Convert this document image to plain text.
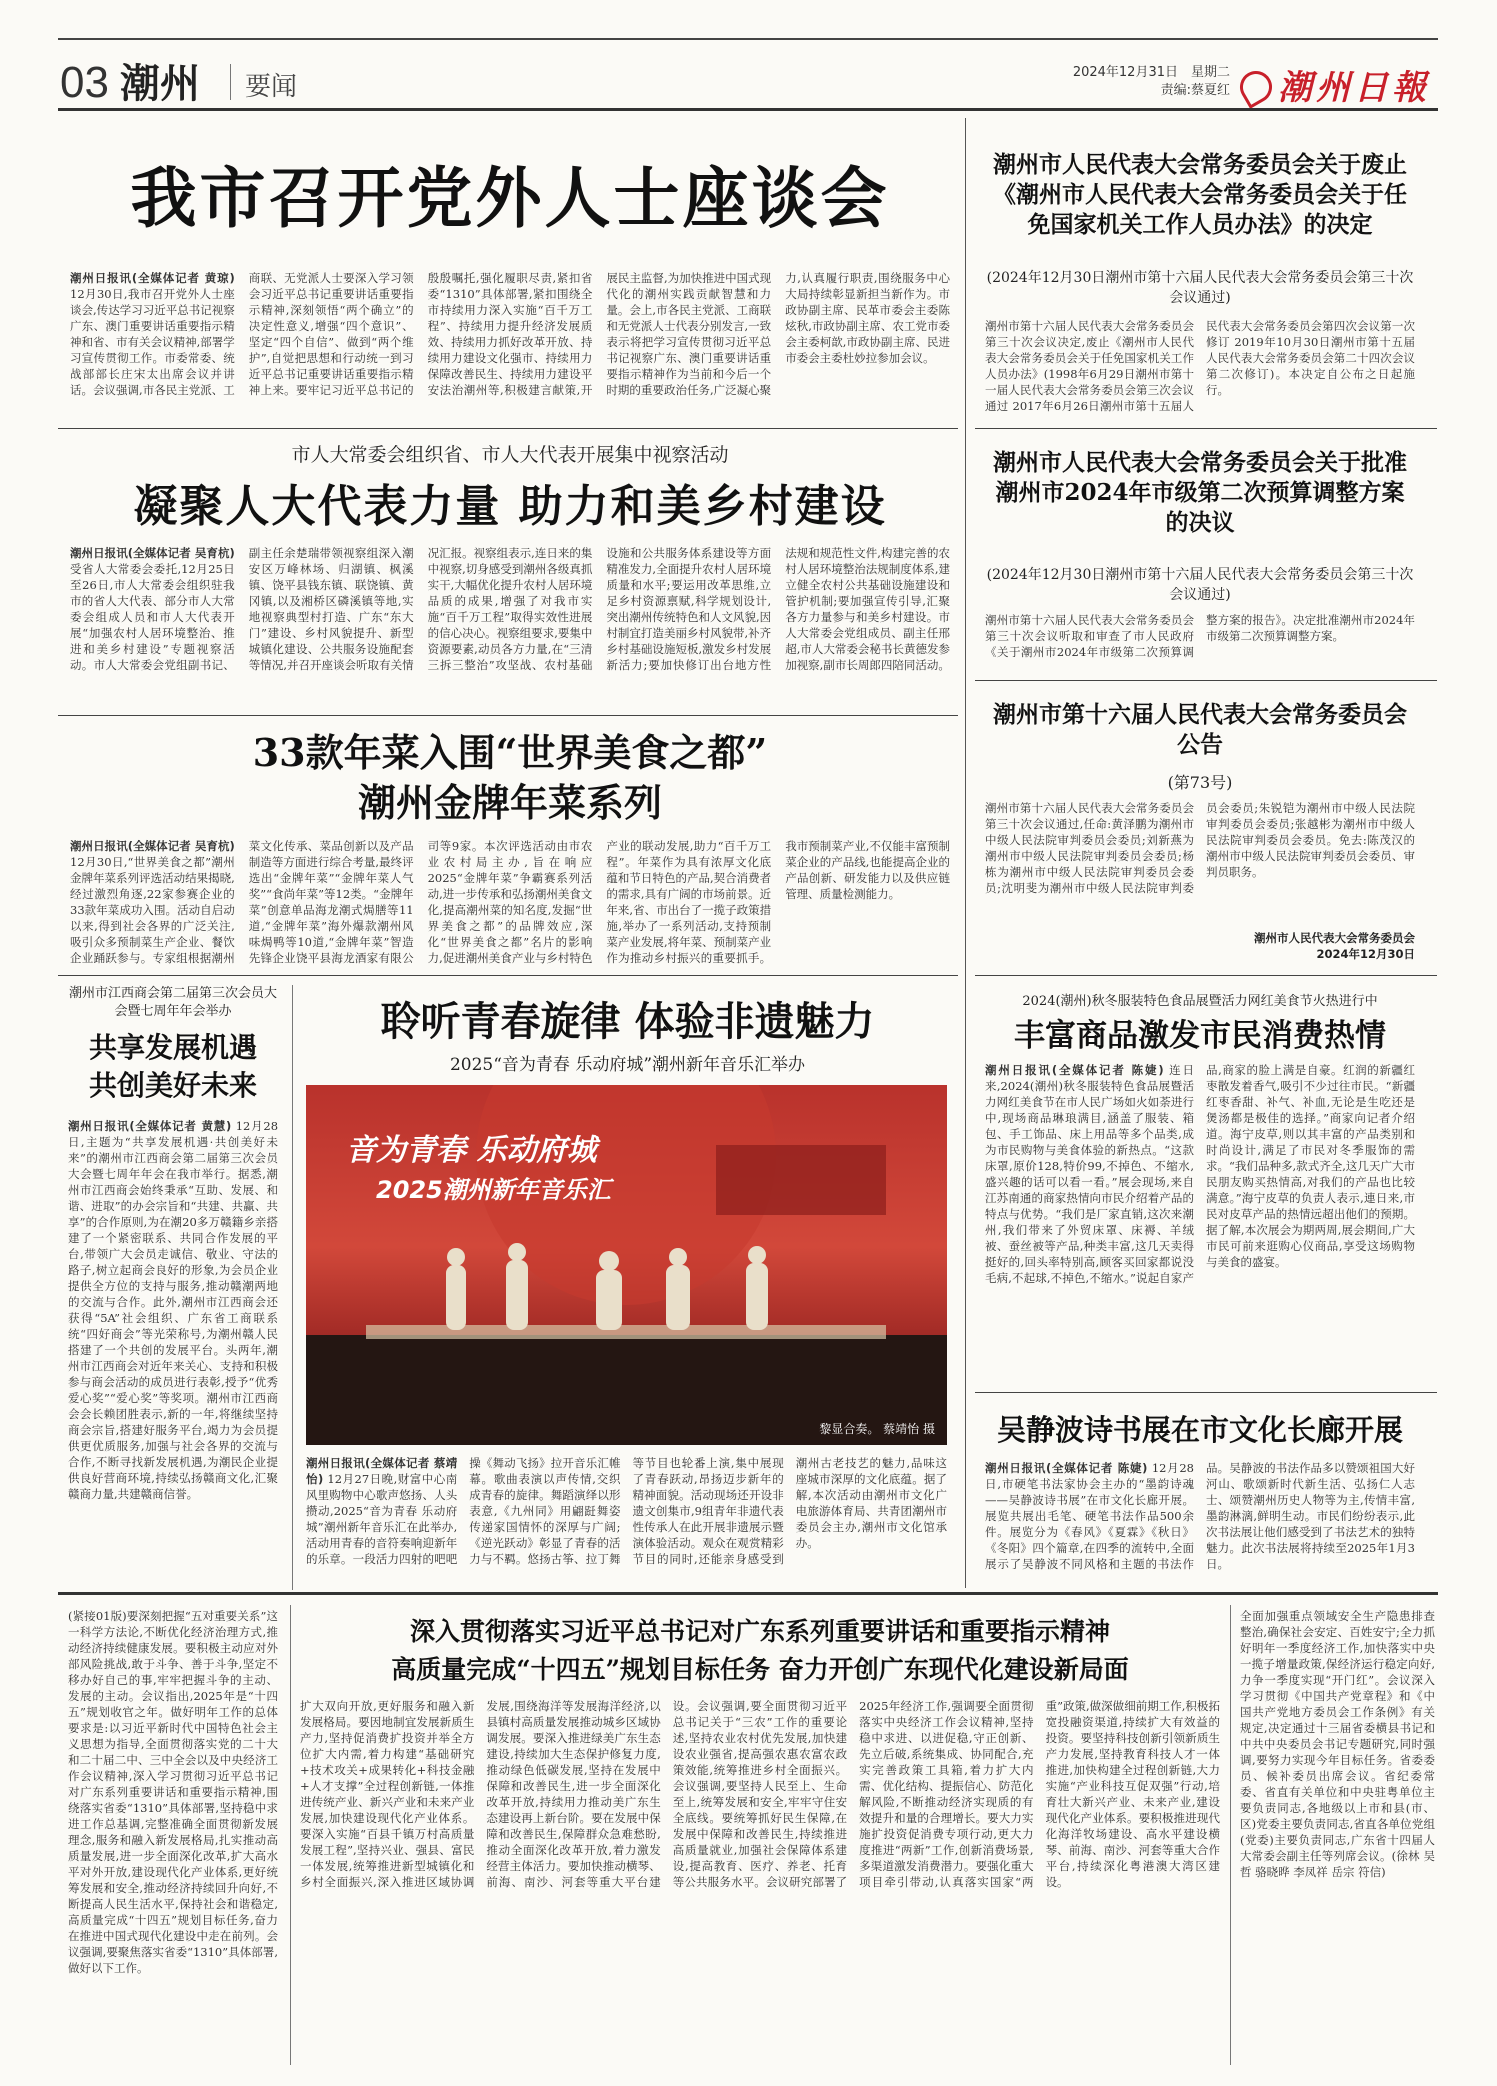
03 潮州 要闻	2024年12月31日　星期二
责编:蔡夏红	潮州日報
我市召开党外人士座谈会
潮州日报讯(全媒体记者 黄琼) 12月30日,我市召开党外人士座谈会,传达学习习近平总书记视察广东、澳门重要讲话重要指示精神和省、市有关会议精神,部署学习宣传贯彻工作。市委常委、统战部部长庄宋太出席会议并讲话。会议强调,市各民主党派、工商联、无党派人士要深入学习领会习近平总书记重要讲话重要指示精神,深刻领悟“两个确立”的决定性意义,增强“四个意识”、坚定“四个自信”、做到“两个维护”,自觉把思想和行动统一到习近平总书记重要讲话重要指示精神上来。要牢记习近平总书记的殷殷嘱托,强化履职尽责,紧扣省委“1310”具体部署,紧扣围绕全市持续用力深入实施“百千万工程”、持续用力提升经济发展质效、持续用力抓好改革开放、持续用力建设文化强市、持续用力保障改善民生、持续用力建设平安法治潮州等,积极建言献策,开展民主监督,为加快推进中国式现代化的潮州实践贡献智慧和力量。会上,市各民主党派、工商联和无党派人士代表分别发言,一致表示将把学习宣传贯彻习近平总书记视察广东、澳门重要讲话重要指示精神作为当前和今后一个时期的重要政治任务,广泛凝心聚力,认真履行职责,围绕服务中心大局持续彰显新担当新作为。市政协副主席、民革市委会主委陈炫秋,市政协副主席、农工党市委会主委柯歆,市政协副主席、民进市委会主委杜妙拉参加会议。
市人大常委会组织省、市人大代表开展集中视察活动
凝聚人大代表力量 助力和美乡村建设
潮州日报讯(全媒体记者 吴育杭) 受省人大常委会委托,12月25日至26日,市人大常委会组织驻我市的省人大代表、部分市人大常委会组成人员和市人大代表开展“加强农村人居环境整治、推进和美乡村建设”专题视察活动。市人大常委会党组副书记、副主任余楚瑞带领视察组深入潮安区万峰林场、归湖镇、枫溪镇、饶平县钱东镇、联饶镇、黄冈镇,以及湘桥区磷溪镇等地,实地视察典型村打造、广东“东大门”建设、乡村风貌提升、新型城镇化建设、公共服务设施配套等情况,并召开座谈会听取有关情况汇报。视察组表示,连日来的集中视察,切身感受到潮州各级真抓实干,大幅优化提升农村人居环境品质的成果,增强了对我市实施“百千万工程”取得实效性进展的信心决心。视察组要求,要集中资源要素,动员各方力量,在“三清三拆三整治”攻坚战、农村基础设施和公共服务体系建设等方面精准发力,全面提升农村人居环境质量和水平;要运用改革思维,立足乡村资源禀赋,科学规划设计,突出潮州传统特色和人文风貌,因村制宜打造美丽乡村风貌带,补齐乡村基础设施短板,激发乡村发展新活力;要加快修订出台地方性法规和规范性文件,构建完善的农村人居环境整治法规制度体系,建立健全农村公共基础设施建设和管护机制;要加强宣传引导,汇聚各方力量参与和美乡村建设。市人大常委会党组成员、副主任邢超,市人大常委会秘书长黄德发参加视察,副市长周郎四陪同活动。
33款年菜入围“世界美食之都”
潮州金牌年菜系列
潮州日报讯(全媒体记者 吴育杭) 12月30日,“世界美食之都”潮州金牌年菜系列评选活动结果揭晓,经过激烈角逐,22家参赛企业的33款年菜成功入围。活动自启动以来,得到社会各界的广泛关注,吸引众多预制菜生产企业、餐饮企业踊跃参与。专家组根据潮州菜文化传承、菜品创新以及产品制造等方面进行综合考量,最终评选出“金牌年菜”“金牌年菜人气奖”“食尚年菜”等12类。“金牌年菜”创意单品海龙潮式焗膳等11道,“金牌年菜”海外爆款潮州风味焗鸭等10道,“金牌年菜”智造先锋企业饶平县海龙酒家有限公司等9家。本次评选活动由市农业农村局主办,旨在响应2025“金牌年菜”争霸赛系列活动,进一步传承和弘扬潮州美食文化,提高潮州菜的知名度,发掘“世界美食之都”的品牌效应,深化“世界美食之都”名片的影响力,促进潮州美食产业与乡村特色产业的联动发展,助力“百千万工程”。年菜作为具有浓厚文化底蕴和节日特色的产品,契合消费者的需求,具有广阔的市场前景。近年来,省、市出台了一揽子政策措施,举办了一系列活动,支持预制菜产业发展,将年菜、预制菜产业作为推动乡村振兴的重要抓手。我市预制菜产业,不仅能丰富预制菜企业的产品线,也能提高企业的产品创新、研发能力以及供应链管理、质量检测能力。
潮州市江西商会第二届第三次会员大会暨七周年年会举办
共享发展机遇
共创美好未来
潮州日报讯(全媒体记者 黄慧) 12月28日,主题为“共享发展机遇·共创美好未来”的潮州市江西商会第二届第三次会员大会暨七周年年会在我市举行。据悉,潮州市江西商会始终秉承“互助、发展、和谐、进取”的办会宗旨和“共建、共赢、共享”的合作原则,为在潮20多万赣籍乡亲搭建了一个紧密联系、共同合作发展的平台,带领广大会员走诚信、敬业、守法的路子,树立起商会良好的形象,为会员企业提供全方位的支持与服务,推动赣潮两地的交流与合作。此外,潮州市江西商会还获得“5A”社会组织、广东省工商联系统“四好商会”等光荣称号,为潮州赣人民搭建了一个共创的发展平台。头两年,潮州市江西商会对近年来关心、支持和积极参与商会活动的成员进行表彰,授予“优秀爱心奖”“爱心奖”等奖项。潮州市江西商会会长赖团胜表示,新的一年,将继续坚持商会宗旨,搭建好服务平台,竭力为会员提供更优质服务,加强与社会各界的交流与合作,不断寻找新发展机遇,为潮民企业提供良好营商环境,持续弘扬赣商文化,汇聚赣商力量,共建赣商信誉。
聆听青春旋律 体验非遗魅力
2025“音为青春 乐动府城”潮州新年音乐汇举办
音为青春 乐动府城
2025潮州新年音乐汇
黎显合奏。 蔡靖怡 摄
潮州日报讯(全媒体记者 蔡靖怡) 12月27日晚,财富中心南风里购物中心歌声悠扬、人头攒动,2025“音为青春 乐动府城”潮州新年音乐汇在此举办,活动用青春的音符奏响迎新年的乐章。一段活力四射的吧吧操《舞动飞扬》拉开音乐汇帷幕。歌曲表演以声传情,交织成青春的旋律。舞蹈演绎以形表意,《九州同》用翩跹舞姿传递家国情怀的深厚与广阔;《逆光跃动》彰显了青春的活力与不羁。悠扬古筝、拉丁舞等节目也轮番上演,集中展现了青春跃动,昂扬迈步新年的精神面貌。活动现场还开设非遗文创集市,9组青年非遗代表性传承人在此开展非遗展示暨演体验活动。观众在观赏精彩节目的同时,还能亲身感受到潮州古老技艺的魅力,品味这座城市深厚的文化底蕴。据了解,本次活动由潮州市文化广电旅游体育局、共青团潮州市委员会主办,潮州市文化馆承办。
潮州市人民代表大会常务委员会关于废止《潮州市人民代表大会常务委员会关于任免国家机关工作人员办法》的决定
(2024年12月30日潮州市第十六届人民代表大会常务委员会第三十次会议通过)
潮州市第十六届人民代表大会常务委员会第三十次会议决定,废止《潮州市人民代表大会常务委员会关于任免国家机关工作人员办法》(1998年6月29日潮州市第十一届人民代表大会常务委员会第三次会议通过 2017年6月26日潮州市第十五届人民代表大会常务委员会第四次会议第一次修订 2019年10月30日潮州市第十五届人民代表大会常务委员会第二十四次会议第二次修订)。本决定自公布之日起施行。
潮州市人民代表大会常务委员会关于批准潮州市2024年市级第二次预算调整方案的决议
(2024年12月30日潮州市第十六届人民代表大会常务委员会第三十次会议通过)
潮州市第十六届人民代表大会常务委员会第三十次会议听取和审查了市人民政府《关于潮州市2024年市级第二次预算调整方案的报告》。决定批准潮州市2024年市级第二次预算调整方案。
潮州市第十六届人民代表大会常务委员会公告
(第73号)
潮州市第十六届人民代表大会常务委员会第三十次会议通过,任命:黄泽鹏为潮州市中级人民法院审判委员会委员;刘新燕为潮州市中级人民法院审判委员会委员;杨栋为潮州市中级人民法院审判委员会委员;沈明斐为潮州市中级人民法院审判委员会委员;朱锐铠为潮州市中级人民法院审判委员会委员;张越彬为潮州市中级人民法院审判委员会委员。免去:陈茂汉的潮州市中级人民法院审判委员会委员、审判员职务。
潮州市人民代表大会常务委员会
2024年12月30日
2024(潮州)秋冬服装特色食品展暨活力网红美食节火热进行中
丰富商品激发市民消费热情
潮州日报讯(全媒体记者 陈婕) 连日来,2024(潮州)秋冬服装特色食品展暨活力网红美食节在市人民广场如火如荼进行中,现场商品琳琅满目,涵盖了服装、箱包、手工饰品、床上用品等多个品类,成为市民购物与美食体验的新热点。“这款床罩,原价128,特价99,不掉色、不缩水,盛兴趣的话可以看一看。”展会现场,来自江苏南通的商家热情向市民介绍着产品的特点与优势。“我们是厂家直销,这次来潮州,我们带来了外贸床罩、床褥、羊绒被、蚕丝被等产品,种类丰富,这几天卖得挺好的,回头率特别高,顾客买回家都说没毛病,不起球,不掉色,不缩水。”说起自家产品,商家的脸上满是自豪。红润的新疆红枣散发着香气,吸引不少过往市民。“新疆红枣香甜、补气、补血,无论是生吃还是煲汤都是极佳的选择。”商家向记者介绍道。海宁皮草,则以其丰富的产品类别和时尚设计,满足了市民对冬季服饰的需求。“我们品种多,款式齐全,这几天广大市民朋友购买热情高,对我们的产品也比较满意。”海宁皮草的负责人表示,連日来,市民对皮草产品的热情远超出他们的预期。据了解,本次展会为期两周,展会期间,广大市民可前来逛购心仪商品,享受这场购物与美食的盛宴。
吴静波诗书展在市文化长廊开展
潮州日报讯(全媒体记者 陈婕) 12月28日,市硬笔书法家协会主办的“墨韵诗魂——吴静波诗书展”在市文化长廊开展。展览共展出毛笔、硬笔书法作品500余件。展览分为《春风》《夏霖》《秋日》《冬阳》四个篇章,在四季的流转中,全面展示了吴静波不同风格和主题的书法作品。吴静波的书法作品多以赞颂祖国大好河山、歌颂新时代新生活、弘扬仁人志士、颂赞潮州历史人物等为主,传情丰富,墨韵淋漓,鲜明生动。市民们纷纷表示,此次书法展让他们感受到了书法艺术的独特魅力。此次书法展将持续至2025年1月3日。
(紧接01版)要深刻把握“五对重要关系”这一科学方法论,不断优化经济治理方式,推动经济持续健康发展。要积极主动应对外部风险挑战,敢于斗争、善于斗争,坚定不移办好自己的事,牢牢把握斗争的主动、发展的主动。会议指出,2025年是“十四五”规划收官之年。做好明年工作的总体要求是:以习近平新时代中国特色社会主义思想为指导,全面贯彻落实党的二十大和二十届二中、三中全会以及中央经济工作会议精神,深入学习贯彻习近平总书记对广东系列重要讲话和重要指示精神,围绕落实省委“1310”具体部署,坚持稳中求进工作总基调,完整准确全面贯彻新发展理念,服务和融入新发展格局,扎实推动高质量发展,进一步全面深化改革,扩大高水平对外开放,建设现代化产业体系,更好统筹发展和安全,推动经济持续回升向好,不断提高人民生活水平,保持社会和谐稳定,高质量完成“十四五”规划目标任务,奋力在推进中国式现代化建设中走在前列。会议强调,要聚焦落实省委“1310”具体部署,做好以下工作。
深入贯彻落实习近平总书记对广东系列重要讲话和重要指示精神
高质量完成“十四五”规划目标任务 奋力开创广东现代化建设新局面
扩大双向开放,更好服务和融入新发展格局。要因地制宜发展新质生产力,坚持促消费扩投资并举全方位扩大内需,着力构建“基础研究+技术攻关+成果转化+科技金融+人才支撑”全过程创新链,一体推进传统产业、新兴产业和未来产业发展,加快建设现代化产业体系。要深入实施“百县千镇万村高质量发展工程”,坚持兴业、强县、富民一体发展,统筹推进新型城镇化和乡村全面振兴,深入推进区域协调发展,围绕海洋等发展海洋经济,以县镇村高质量发展推动城乡区域协调发展。要深入推进绿美广东生态建设,持续加大生态保护修复力度,推动绿色低碳发展,坚持在发展中保障和改善民生,进一步全面深化改革开放,持续用力推动美广东生态建设再上新台阶。要在发展中保障和改善民生,保障群众急难愁盼,推动全面深化改革开放,着力激发经营主体活力。要加快推动横琴、前海、南沙、河套等重大平台建设。会议强调,要全面贯彻习近平总书记关于“三农”工作的重要论述,坚持农业农村优先发展,加快建设农业强省,提高强农惠农富农政策效能,统筹推进乡村全面振兴。会议强调,要坚持人民至上、生命至上,统筹发展和安全,牢牢守住安全底线。要统筹抓好民生保障,在发展中保障和改善民生,持续推进高质量就业,加强社会保障体系建设,提高教育、医疗、养老、托育等公共服务水平。会议研究部署了2025年经济工作,强调要全面贯彻落实中央经济工作会议精神,坚持稳中求进、以进促稳,守正创新、先立后破,系统集成、协同配合,充实完善政策工具箱,着力扩大内需、优化结构、提振信心、防范化解风险,不断推动经济实现质的有效提升和量的合理增长。要大力实施扩投资促消费专项行动,更大力度推进“两新”工作,创新消费场景,多渠道激发消费潜力。要强化重大项目牵引带动,认真落实国家“两重”政策,做深做细前期工作,积极拓宽投融资渠道,持续扩大有效益的投资。要坚持科技创新引领新质生产力发展,坚持教育科技人才一体推进,加快构建全过程创新链,大力实施“产业科技互促双强”行动,培育壮大新兴产业、未来产业,建设现代化产业体系。要积极推进现代化海洋牧场建设、高水平建设横琴、前海、南沙、河套等重大合作平台,持续深化粤港澳大湾区建设。
全面加强重点领域安全生产隐患排查整治,确保社会安定、百姓安宁;全力抓好明年一季度经济工作,加快落实中央一揽子增量政策,保经济运行稳定向好,力争一季度实现“开门红”。会议深入学习贯彻《中国共产党章程》和《中国共产党地方委员会工作条例》有关规定,决定通过十三届省委横县书记和中共中央委员会书记专题研究,同时强调,要努力实现今年目标任务。省委委员、候补委员出席会议。省纪委常委、省直有关单位和中央驻粤单位主要负责同志,各地级以上市和县(市、区)党委主要负责同志,省直各单位党组(党委)主要负责同志,广东省十四届人大常委会副主任等列席会议。(徐林 吴哲 骆晓晔 李凤祥 岳宗 符信)
